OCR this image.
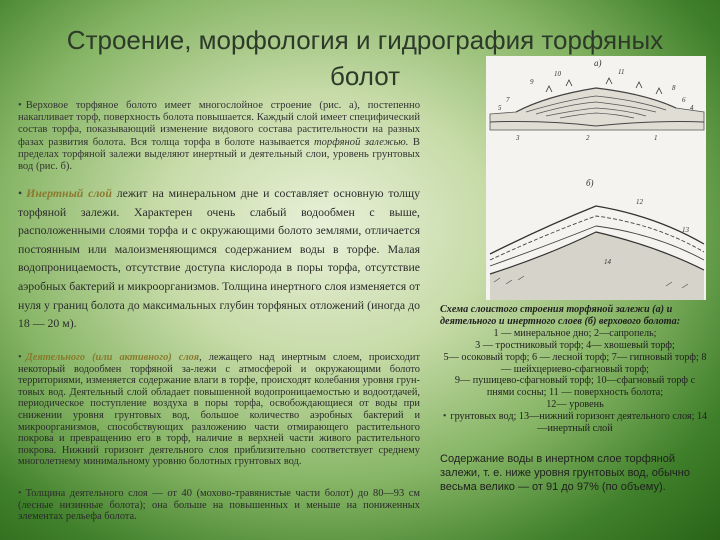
Строение, морфология и гидрография торфяных болот
• Верховое торфяное болото имеет многослойное строение (рис. а), постепенно накапливает торф, поверхность болота повышается. Каждый слой имеет специфический состав торфа, показывающий изменение видового состава растительности на разных фазах развития болота. Вся толща торфа в болоте называется торфяной залежью. В пределах торфяной залежи выделяют инертный и деятельный слои, уровень грунтовых вод (рис. б).
• Инертный слой лежит на минеральном дне и составляет основную толщу торфяной залежи. Характерен очень слабый водообмен с выше, расположенными слоями торфа и с окружающими болото землями, отличается постоянным или малоизменяющимся содержанием воды в торфе. Малая водопроницаемость, отсутствие доступа кислорода в поры торфа, отсутствие аэробных бактерий и микроорганизмов. Толщина инертного слоя изменяется от нуля у границ болота до максимальных глубин торфяных отложений (иногда до 18 — 20 м).
• Деятельного (или активного) слоя, лежащего над инертным слоем, происходит некоторый водообмен торфяной за-лежи с атмосферой и окружающими болото территориями, изменяется содержание влаги в торфе, происходят колебания уровня грун-товых вод. Деятельный слой обладает повышенной водопроницаемостью и водоотдачей, периодическое поступление воздуха в поры торфа, освобождающиеся от воды при снижении уровня грунтовых вод, большое количество аэробных бактерий и микроорганизмов, способствующих разложению части отмирающего растительного покрова и превращению его в торф, наличие в верхней части живого растительного покрова. Нижний горизонт деятельного слоя приблизительно соответствует среднему многолетнему минимальному уровню болотных грунтовых вод.
• Толщина деятельного слоя — от 40 (мохово-травянистые части болот) до 80—93 см (лесные низинные болота); она больше на повышенных и меньше на пониженных элементах рельефа болота.
а)
10	11
9
8
7	6
5	4
3	2	1
б)
12
13
14
Схема слоистого строения торфяной залежи (а) и деятельного и инертного слоев (б) верхового болота:
1 — минеральное дно; 2—сапропель;
3 — тростниковый торф; 4— хвошевый торф;
5— осоковый торф; 6 — лесной торф; 7— гипновый торф; 8 — шейхцериево-сфагновый торф;
9— пушицево-сфагновый торф; 10—сфагновый торф с пнями сосны; 11 — поверхность болота;
12— уровень
• грунтовых вод; 13—нижний горизонт деятельного слоя; 14—инертный слой
Содержание воды в инертном слое торфяной залежи, т. е. ниже уровня грунтовых вод, обычно весьма велико — от 91 до 97% (по объему).
